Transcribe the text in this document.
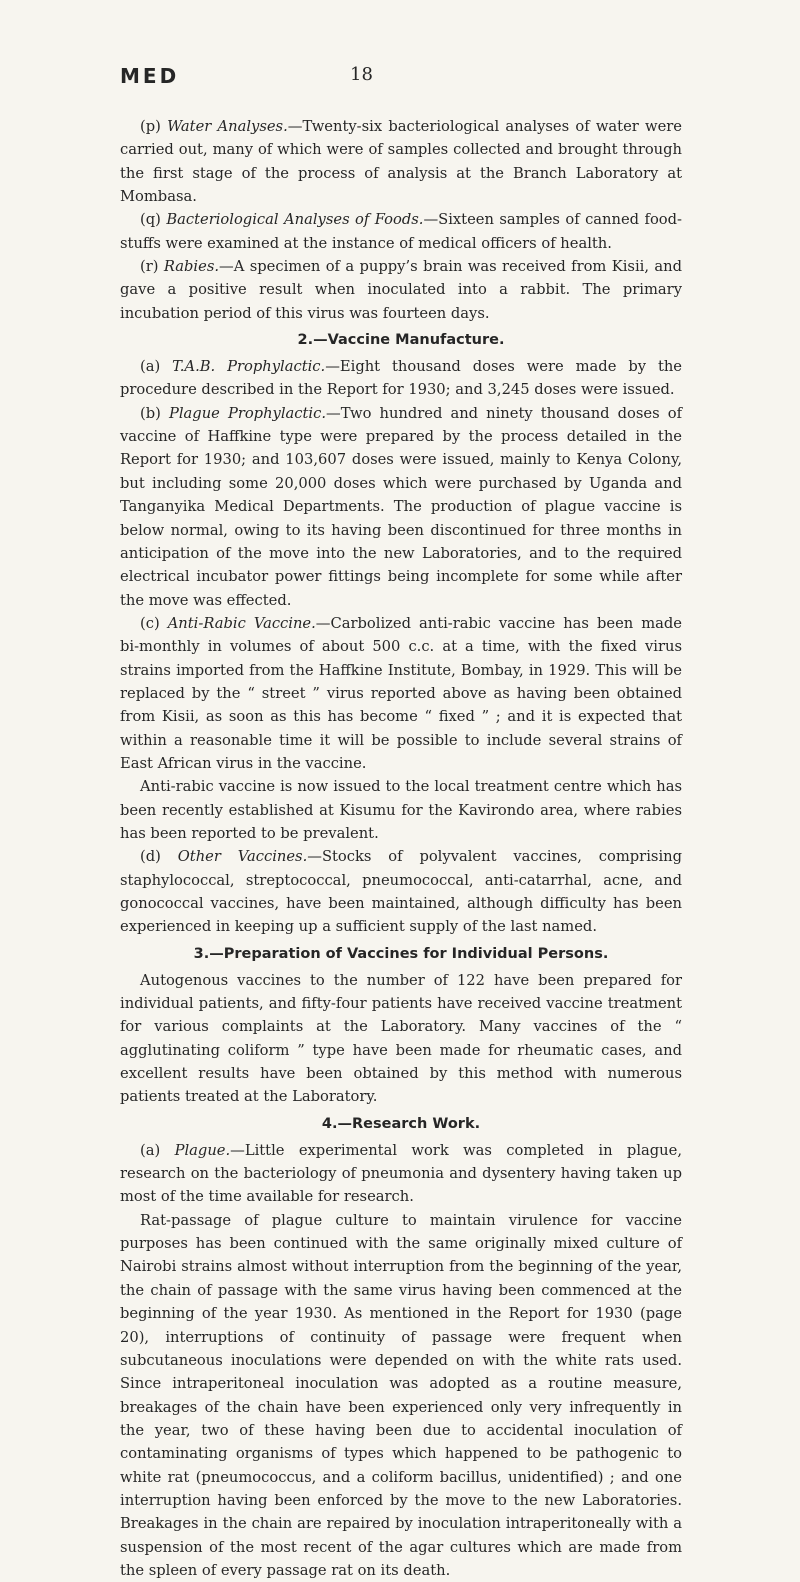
MED	18

(p) Water Analyses.—Twenty-six bacteriological analyses of water were carried out, many of which were of samples collected and brought through the first stage of the process of analysis at the Branch Laboratory at Mombasa.

(q) Bacteriological Analyses of Foods.—Sixteen samples of canned food-stuffs were examined at the instance of medical officers of health.

(r) Rabies.—A specimen of a puppy’s brain was received from Kisii, and gave a positive result when inoculated into a rabbit. The primary incubation period of this virus was fourteen days.

2.—Vaccine Manufacture.

(a) T.A.B. Prophylactic.—Eight thousand doses were made by the procedure described in the Report for 1930; and 3,245 doses were issued.

(b) Plague Prophylactic.—Two hundred and ninety thousand doses of vaccine of Haffkine type were prepared by the process detailed in the Report for 1930; and 103,607 doses were issued, mainly to Kenya Colony, but including some 20,000 doses which were purchased by Uganda and Tanganyika Medical Departments. The production of plague vaccine is below normal, owing to its having been discontinued for three months in anticipation of the move into the new Laboratories, and to the required electrical incubator power fittings being incomplete for some while after the move was effected.

(c) Anti-Rabic Vaccine.—Carbolized anti-rabic vaccine has been made bi-monthly in volumes of about 500 c.c. at a time, with the fixed virus strains imported from the Haffkine Institute, Bombay, in 1929. This will be replaced by the “ street ” virus reported above as having been obtained from Kisii, as soon as this has become “ fixed ” ; and it is expected that within a reasonable time it will be possible to include several strains of East African virus in the vaccine.

Anti-rabic vaccine is now issued to the local treatment centre which has been recently established at Kisumu for the Kavirondo area, where rabies has been reported to be prevalent.

(d) Other Vaccines.—Stocks of polyvalent vaccines, comprising staphylococcal, streptococcal, pneumococcal, anti-catarrhal, acne, and gonococcal vaccines, have been maintained, although difficulty has been experienced in keeping up a sufficient supply of the last named.

3.—Preparation of Vaccines for Individual Persons.

Autogenous vaccines to the number of 122 have been prepared for individual patients, and fifty-four patients have received vaccine treatment for various complaints at the Laboratory. Many vaccines of the “ agglutinating coliform ” type have been made for rheumatic cases, and excellent results have been obtained by this method with numerous patients treated at the Laboratory.

4.—Research Work.

(a) Plague.—Little experimental work was completed in plague, research on the bacteriology of pneumonia and dysentery having taken up most of the time available for research.

Rat-passage of plague culture to maintain virulence for vaccine purposes has been continued with the same originally mixed culture of Nairobi strains almost without interruption from the beginning of the year, the chain of passage with the same virus having been commenced at the beginning of the year 1930. As mentioned in the Report for 1930 (page 20), interruptions of continuity of passage were frequent when subcutaneous inoculations were depended on with the white rats used. Since intraperitoneal inoculation was adopted as a routine measure, breakages of the chain have been experienced only very infrequently in the year, two of these having been due to accidental inoculation of contaminating organisms of types which happened to be pathogenic to white rat (pneumococcus, and a coliform bacillus, unidentified) ; and one interruption having been enforced by the move to the new Laboratories. Breakages in the chain are repaired by inoculation intraperitoneally with a suspension of the most recent of the agar cultures which are made from the spleen of every passage rat on its death.
